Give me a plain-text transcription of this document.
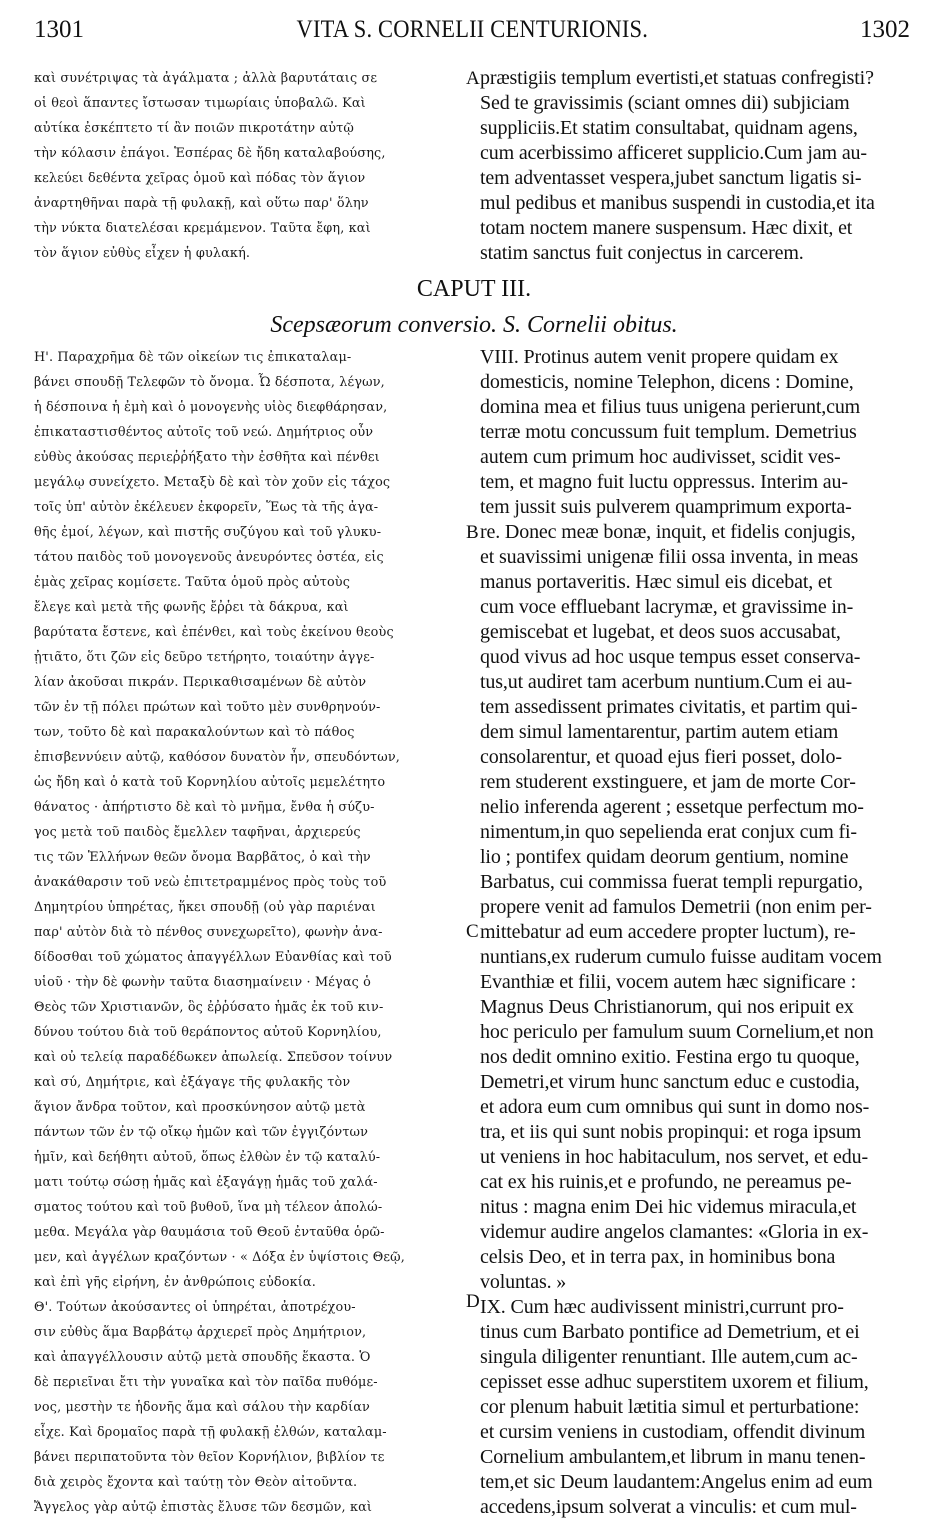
1301	VITA S. CORNELII CENTURIONIS.	1302
καὶ συνέτριψας τὰ ἀγάλματα ; ἀλλὰ βαρυτάταις σε
οἱ θεοὶ ἅπαντες ἴστωσαν τιμωρίαις ὑποβαλῶ. Καὶ
αὐτίκα ἐσκέπτετο τί ἂν ποιῶν πικροτάτην αὐτῷ
τὴν κόλασιν ἐπάγοι. Ἑσπέρας δὲ ἤδη καταλαβούσης,
κελεύει δεθέντα χεῖρας ὁμοῦ καὶ πόδας τὸν ἅγιον
ἀναρτηθῆναι παρὰ τῇ φυλακῇ, καὶ οὕτω παρ' ὅλην
τὴν νύκτα διατελέσαι κρεμάμενον. Ταῦτα ἔφη, καὶ
τὸν ἅγιον εὐθὺς εἶχεν ἡ φυλακή.
præstigiis templum evertisti,et statuas confregisti?
Sed te gravissimis (sciant omnes dii) subjiciam
suppliciis.Et statim consultabat, quidnam agens,
cum acerbissimo afficeret supplicio.Cum jam au-
tem adventasset vespera,jubet sanctum ligatis si-
mul pedibus et manibus suspendi in custodia,et ita
totam noctem manere suspensum. Hæc dixit, et
statim sanctus fuit conjectus in carcerem.
CAPUT III.
Scepsæorum conversio. S. Cornelii obitus.
Η'. Παραχρῆμα δὲ τῶν οἰκείων τις ἐπικαταλαμ-
βάνει σπουδῇ Τελεφῶν τὸ ὄνομα. Ὦ δέσποτα, λέγων,
ἡ δέσποινα ἡ ἐμὴ καὶ ὁ μονογενὴς υἱὸς διεφθάρησαν,
ἐπικαταστισθέντος αὐτοῖς τοῦ νεώ. Δημήτριος οὖν
εὐθὺς ἀκούσας περιεῤῥήξατο τὴν ἐσθῆτα καὶ πένθει
μεγάλῳ συνείχετο. Μεταξὺ δὲ καὶ τὸν χοῦν εἰς τάχος
τοῖς ὑπ' αὐτὸν ἐκέλευεν ἐκφορεῖν, Ἕως τὰ τῆς ἀγα-
θῆς ἐμοί, λέγων, καὶ πιστῆς συζύγου καὶ τοῦ γλυκυ-
τάτου παιδὸς τοῦ μονογενοῦς ἀνευρόντες ὀστέα, εἰς
ἐμὰς χεῖρας κομίσετε. Ταῦτα ὁμοῦ πρὸς αὐτοὺς
ἔλεγε καὶ μετὰ τῆς φωνῆς ἔῤῥει τὰ δάκρυα, καὶ
βαρύτατα ἔστενε, καὶ ἐπένθει, καὶ τοὺς ἐκείνου θεοὺς
ᾐτιᾶτο, ὅτι ζῶν εἰς δεῦρο τετήρητο, τοιαύτην ἀγγε-
λίαν ἀκοῦσαι πικράν. Περικαθισαμένων δὲ αὐτὸν
τῶν ἐν τῇ πόλει πρώτων καὶ τοῦτο μὲν συνθρηνούν-
των, τοῦτο δὲ καὶ παρακαλούντων καὶ τὸ πάθος
ἐπισβεννύειν αὐτῷ, καθόσον δυνατὸν ἦν, σπευδόντων,
ὡς ἤδη καὶ ὁ κατὰ τοῦ Κορνηλίου αὐτοῖς μεμελέτητο
θάνατος · ἀπήρτιστο δὲ καὶ τὸ μνῆμα, ἔνθα ἡ σύζυ-
γος μετὰ τοῦ παιδὸς ἔμελλεν ταφῆναι, ἀρχιερεύς
τις τῶν Ἑλλήνων θεῶν ὄνομα Βαρβᾶτος, ὁ καὶ τὴν
ἀνακάθαρσιν τοῦ νεὼ ἐπιτετραμμένος πρὸς τοὺς τοῦ
Δημητρίου ὑπηρέτας, ἥκει σπουδῇ (οὐ γὰρ παριέναι
παρ' αὐτὸν διὰ τὸ πένθος συνεχωρεῖτο), φωνὴν ἀνα-
δίδοσθαι τοῦ χώματος ἀπαγγέλλων Εὐανθίας καὶ τοῦ
υἱοῦ · τὴν δὲ φωνὴν ταῦτα διασημαίνειν · Μέγας ὁ
Θεὸς τῶν Χριστιανῶν, ὃς ἐῤῥύσατο ἡμᾶς ἐκ τοῦ κιν-
δύνου τούτου διὰ τοῦ θεράποντος αὐτοῦ Κορνηλίου,
καὶ οὐ τελείᾳ παραδέδωκεν ἀπωλείᾳ. Σπεῦσον τοίνυν
καὶ σύ, Δημήτριε, καὶ ἐξάγαγε τῆς φυλακῆς τὸν
ἅγιον ἄνδρα τοῦτον, καὶ προσκύνησον αὐτῷ μετὰ
πάντων τῶν ἐν τῷ οἴκῳ ἡμῶν καὶ τῶν ἐγγιζόντων
ἡμῖν, καὶ δεήθητι αὐτοῦ, ὅπως ἐλθὼν ἐν τῷ καταλύ-
ματι τούτῳ σώσῃ ἡμᾶς καὶ ἐξαγάγῃ ἡμᾶς τοῦ χαλά-
σματος τούτου καὶ τοῦ βυθοῦ, ἵνα μὴ τέλεον ἀπολώ-
μεθα. Μεγάλα γὰρ θαυμάσια τοῦ Θεοῦ ἐνταῦθα ὁρῶ-
μεν, καὶ ἀγγέλων κραζόντων · « Δόξα ἐν ὑψίστοις Θεῷ,
καὶ ἐπὶ γῆς εἰρήνη, ἐν ἀνθρώποις εὐδοκία.
Θ'. Τούτων ἀκούσαντες οἱ ὑπηρέται, ἀποτρέχου-
σιν εὐθὺς ἅμα Βαρβάτῳ ἀρχιερεῖ πρὸς Δημήτριον,
καὶ ἀπαγγέλλουσιν αὐτῷ μετὰ σπουδῆς ἕκαστα. Ὁ
δὲ περιεῖναι ἔτι τὴν γυναῖκα καὶ τὸν παῖδα πυθόμε-
νος, μεστὴν τε ἡδονῆς ἅμα καὶ σάλου τὴν καρδίαν
εἶχε. Καὶ δρομαῖος παρὰ τῇ φυλακῇ ἐλθών, καταλαμ-
βάνει περιπατοῦντα τὸν θεῖον Κορνήλιον, βιβλίον τε
διὰ χειρὸς ἔχοντα καὶ ταύτῃ τὸν Θεὸν αἰτοῦντα.
Ἄγγελος γὰρ αὐτῷ ἐπιστὰς ἔλυσε τῶν δεσμῶν, καὶ
VIII. Protinus autem venit propere quidam ex
domesticis, nomine Telephon, dicens : Domine,
domina mea et filius tuus unigena perierunt,cum
terræ motu concussum fuit templum. Demetrius
autem cum primum hoc audivisset, scidit ves-
tem, et magno fuit luctu oppressus. Interim au-
tem jussit suis pulverem quamprimum exporta-
re. Donec meæ bonæ, inquit, et fidelis conjugis,
et suavissimi unigenæ filii ossa inventa, in meas
manus portaveritis. Hæc simul eis dicebat, et
cum voce effluebant lacrymæ, et gravissime in-
gemiscebat et lugebat, et deos suos accusabat,
quod vivus ad hoc usque tempus esset conserva-
tus,ut audiret tam acerbum nuntium.Cum ei au-
tem assedissent primates civitatis, et partim qui-
dem simul lamentarentur, partim autem etiam
consolarentur, et quoad ejus fieri posset, dolo-
rem studerent exstinguere, et jam de morte Cor-
nelio inferenda agerent ; essetque perfectum mo-
nimentum,in quo sepelienda erat conjux cum fi-
lio ; pontifex quidam deorum gentium, nomine
Barbatus, cui commissa fuerat templi repurgatio,
propere venit ad famulos Demetrii (non enim per-
mittebatur ad eum accedere propter luctum), re-
nuntians,ex ruderum cumulo fuisse auditam vocem
Evanthiæ et filii, vocem autem hæc significare :
Magnus Deus Christianorum, qui nos eripuit ex
hoc periculo per famulum suum Cornelium,et non
nos dedit omnino exitio. Festina ergo tu quoque,
Demetri,et virum hunc sanctum educ e custodia,
et adora eum cum omnibus qui sunt in domo nos-
tra, et iis qui sunt nobis propinqui: et roga ipsum
ut veniens in hoc habitaculum, nos servet, et edu-
cat ex his ruinis,et e profundo, ne pereamus pe-
nitus : magna enim Dei hic videmus miracula,et
videmur audire angelos clamantes: «Gloria in ex-
celsis Deo, et in terra pax, in hominibus bona
voluntas. »
IX. Cum hæc audivissent ministri,currunt pro-
tinus cum Barbato pontifice ad Demetrium, et ei
singula diligenter renuntiant. Ille autem,cum ac-
cepisset esse adhuc superstitem uxorem et filium,
cor plenum habuit lætitia simul et perturbatione:
et cursim veniens in custodiam, offendit divinum
Cornelium ambulantem,et librum in manu tenen-
tem,et sic Deum laudantem:Angelus enim ad eum
accedens,ipsum solverat a vinculis: et cum mul-
A
B
C
D
